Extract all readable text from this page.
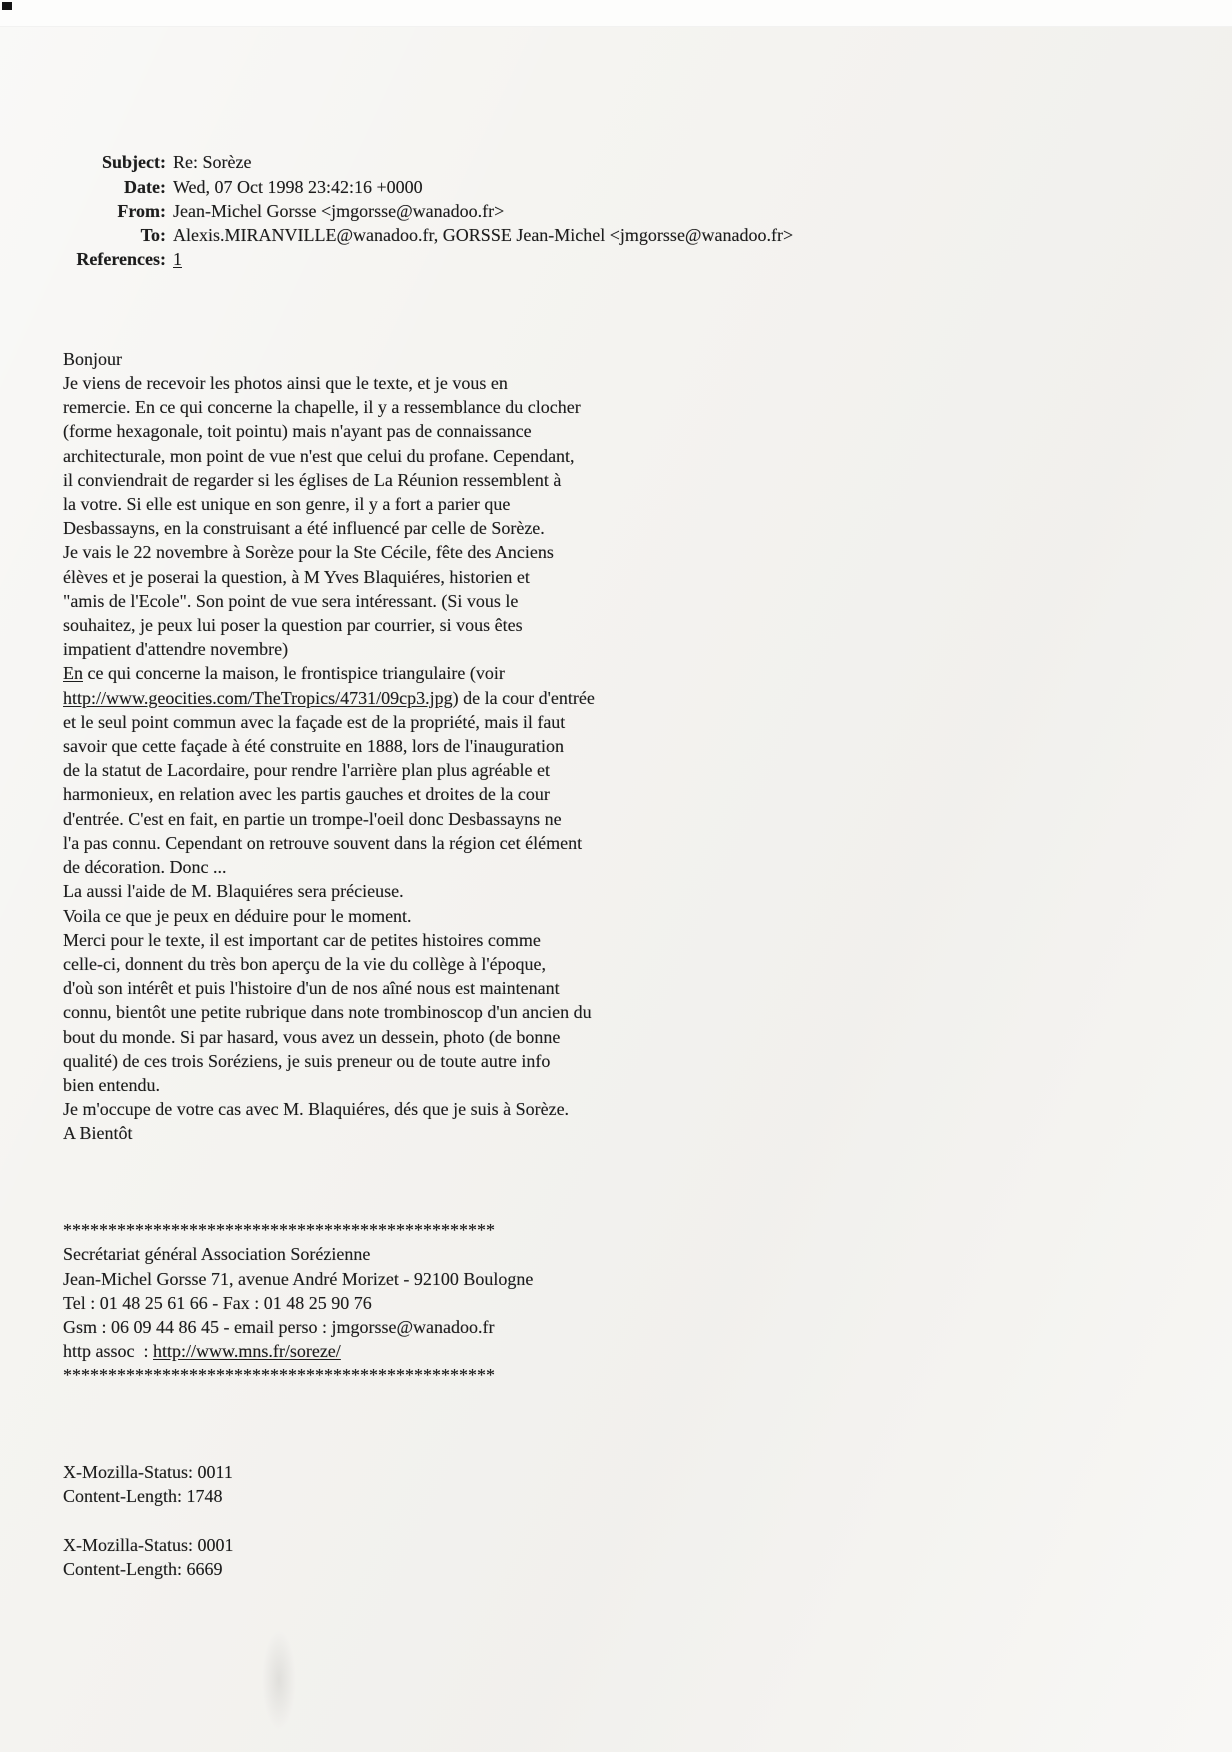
Subject: Re: Sorèze
Date: Wed, 07 Oct 1998 23:42:16 +0000
From: Jean-Michel Gorsse <jmgorsse@wanadoo.fr>
To: Alexis.MIRANVILLE@wanadoo.fr, GORSSE Jean-Michel <jmgorsse@wanadoo.fr>
References: 1

Bonjour
Je viens de recevoir les photos ainsi que le texte, et je vous en
remercie. En ce qui concerne la chapelle, il y a ressemblance du clocher
(forme hexagonale, toit pointu) mais n'ayant pas de connaissance
architecturale, mon point de vue n'est que celui du profane. Cependant,
il conviendrait de regarder si les églises de La Réunion ressemblent à
la votre. Si elle est unique en son genre, il y a fort a parier que
Desbassayns, en la construisant a été influencé par celle de Sorèze.
Je vais le 22 novembre à Sorèze pour la Ste Cécile, fête des Anciens
élèves et je poserai la question, à M Yves Blaquiéres, historien et
"amis de l'Ecole". Son point de vue sera intéressant. (Si vous le
souhaitez, je peux lui poser la question par courrier, si vous êtes
impatient d'attendre novembre)
En ce qui concerne la maison, le frontispice triangulaire (voir
http://www.geocities.com/TheTropics/4731/09cp3.jpg) de la cour d'entrée
et le seul point commun avec la façade est de la propriété, mais il faut
savoir que cette façade à été construite en 1888, lors de l'inauguration
de la statut de Lacordaire, pour rendre l'arrière plan plus agréable et
harmonieux, en relation avec les partis gauches et droites de la cour
d'entrée. C'est en fait, en partie un trompe-l'oeil donc Desbassayns ne
l'a pas connu. Cependant on retrouve souvent dans la région cet élément
de décoration. Donc ...
La aussi l'aide de M. Blaquiéres sera précieuse.
Voila ce que je peux en déduire pour le moment.
Merci pour le texte, il est important car de petites histoires comme
celle-ci, donnent du très bon aperçu de la vie du collège à l'époque,
d'où son intérêt et puis l'histoire d'un de nos aîné nous est maintenant
connu, bientôt une petite rubrique dans note trombinoscop d'un ancien du
bout du monde. Si par hasard, vous avez un dessein, photo (de bonne
qualité) de ces trois Soréziens, je suis preneur ou de toute autre info
bien entendu.
Je m'occupe de votre cas avec M. Blaquiéres, dés que je suis à Sorèze.
A Bientôt

************************************************
Secrétariat général Association Sorézienne
Jean-Michel Gorsse 71, avenue André Morizet - 92100 Boulogne
Tel : 01 48 25 61 66 - Fax : 01 48 25 90 76
Gsm : 06 09 44 86 45 - email perso : jmgorsse@wanadoo.fr
http assoc  : http://www.mns.fr/soreze/
************************************************

X-Mozilla-Status: 0011
Content-Length: 1748

X-Mozilla-Status: 0001
Content-Length: 6669
